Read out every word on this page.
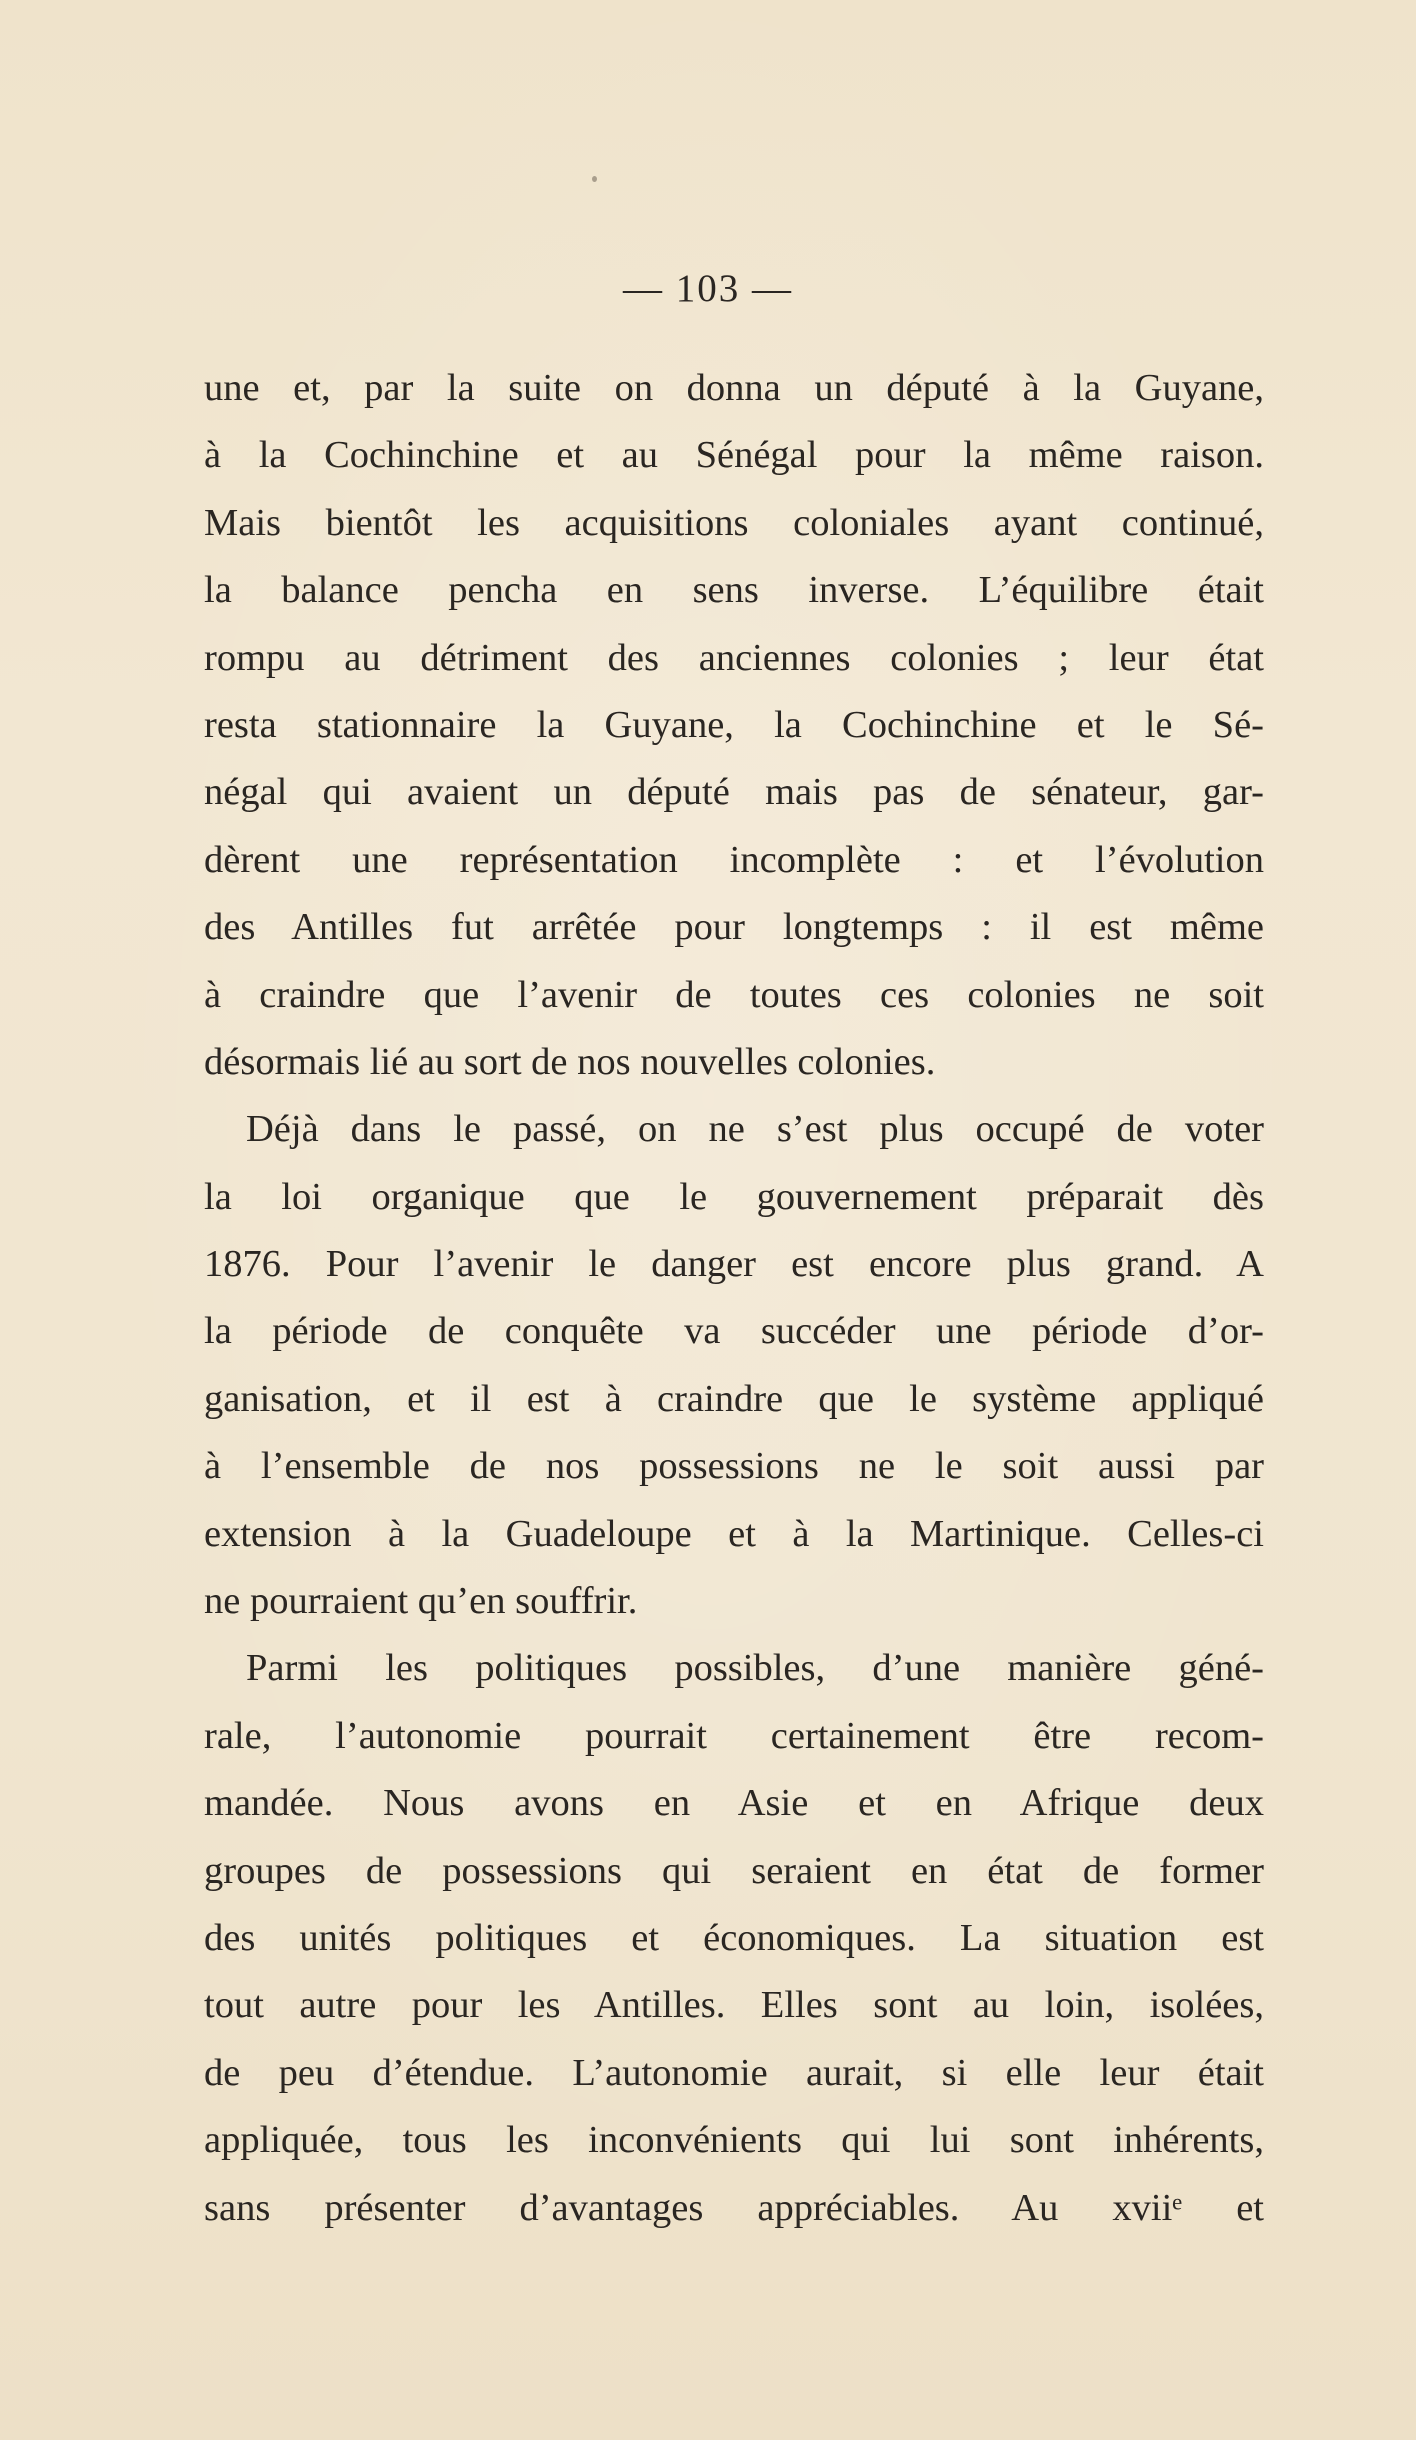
— 103 —

une et, par la suite on donna un député à la Guyane,
à la Cochinchine et au Sénégal pour la même raison.
Mais bientôt les acquisitions coloniales ayant continué,
la balance pencha en sens inverse. L’équilibre était
rompu au détriment des anciennes colonies ; leur état
resta stationnaire la Guyane, la Cochinchine et le Sé-
négal qui avaient un député mais pas de sénateur, gar-
dèrent une représentation incomplète : et l’évolution
des Antilles fut arrêtée pour longtemps : il est même
à craindre que l’avenir de toutes ces colonies ne soit
désormais lié au sort de nos nouvelles colonies.

Déjà dans le passé, on ne s’est plus occupé de voter
la loi organique que le gouvernement préparait dès
1876. Pour l’avenir le danger est encore plus grand. A
la période de conquête va succéder une période d’or-
ganisation, et il est à craindre que le système appliqué
à l’ensemble de nos possessions ne le soit aussi par
extension à la Guadeloupe et à la Martinique. Celles-ci
ne pourraient qu’en souffrir.

Parmi les politiques possibles, d’une manière géné-
rale, l’autonomie pourrait certainement être recom-
mandée. Nous avons en Asie et en Afrique deux
groupes de possessions qui seraient en état de former
des unités politiques et économiques. La situation est
tout autre pour les Antilles. Elles sont au loin, isolées,
de peu d’étendue. L’autonomie aurait, si elle leur était
appliquée, tous les inconvénients qui lui sont inhérents,
sans présenter d’avantages appréciables. Au xviiᵉ et
